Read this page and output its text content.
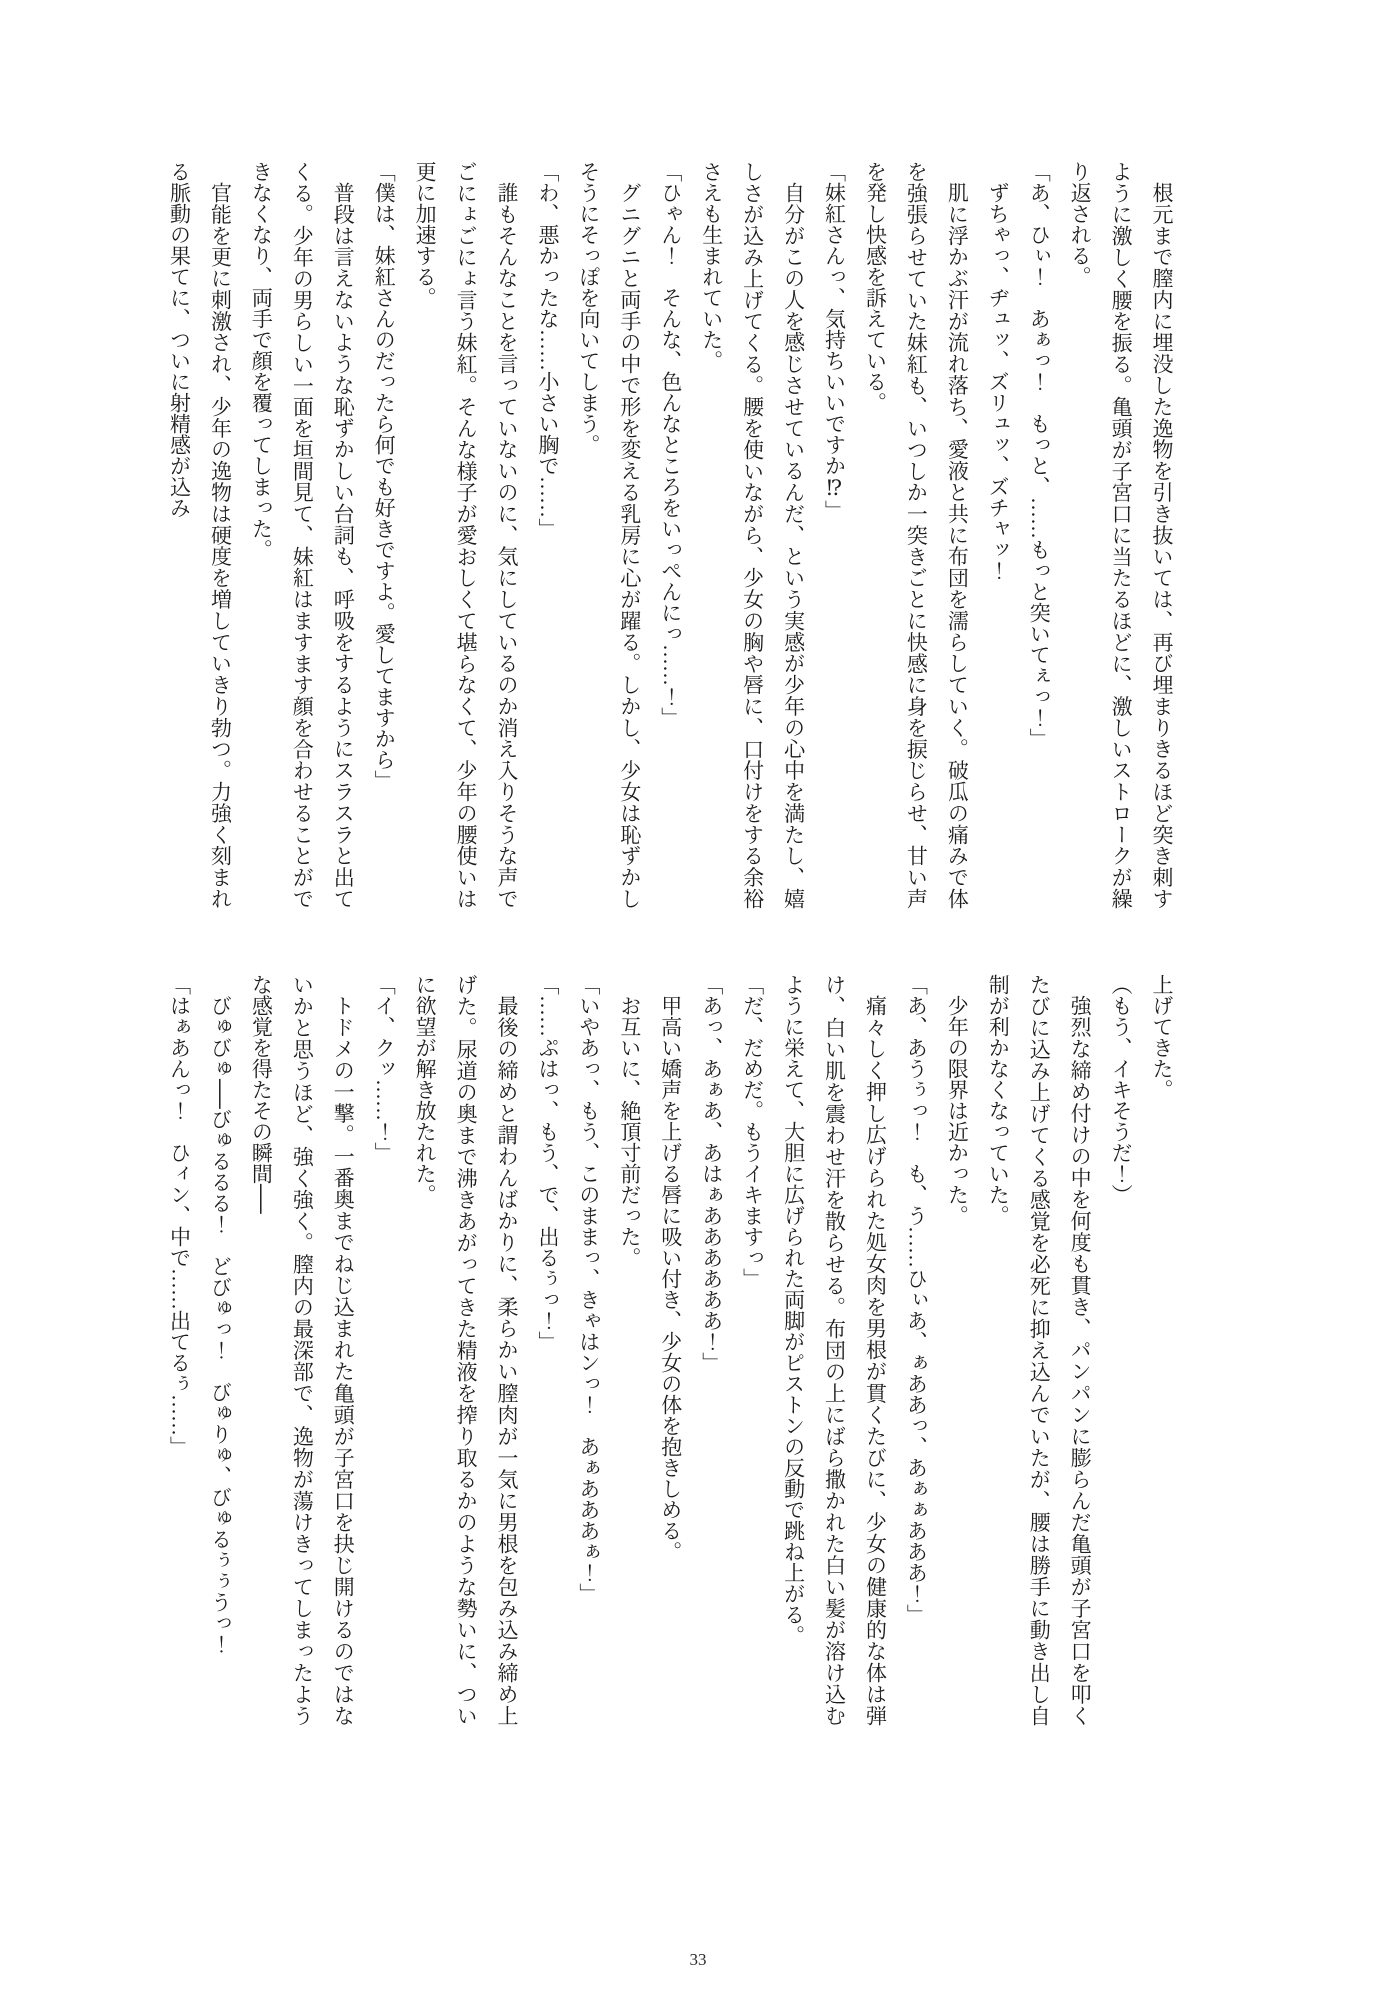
根元まで膣内に埋没した逸物を引き抜いては、再び埋まりきるほど突き刺すように激しく腰を振る。亀頭が子宮口に当たるほどに、激しいストロークが繰り返される。

「あ、ひぃ！　あぁっ！　もっと、……もっと突いてぇっ！」

ずちゃっ、ヂュッ、ズリュッ、ズチャッ！

肌に浮かぶ汗が流れ落ち、愛液と共に布団を濡らしていく。破瓜の痛みで体を強張らせていた妹紅も、いつしか一突きごとに快感に身を捩じらせ、甘い声を発し快感を訴えている。

「妹紅さんっ、気持ちいいですか⁉」

自分がこの人を感じさせているんだ、という実感が少年の心中を満たし、嬉しさが込み上げてくる。腰を使いながら、少女の胸や唇に、口付けをする余裕さえも生まれていた。

「ひゃん！　そんな、色んなところをいっぺんにっ……！」

グニグニと両手の中で形を変える乳房に心が躍る。しかし、少女は恥ずかしそうにそっぽを向いてしまう。

「わ、悪かったな……小さい胸で……」

誰もそんなことを言っていないのに、気にしているのか消え入りそうな声でごにょごにょ言う妹紅。そんな様子が愛おしくて堪らなくて、少年の腰使いは更に加速する。

「僕は、妹紅さんのだったら何でも好きですよ。愛してますから」

普段は言えないような恥ずかしい台詞も、呼吸をするようにスラスラと出てくる。少年の男らしい一面を垣間見て、妹紅はますます顔を合わせることができなくなり、両手で顔を覆ってしまった。

官能を更に刺激され、少年の逸物は硬度を増していきり勃つ。力強く刻まれる脈動の果てに、ついに射精感が込み

上げてきた。

（もう、イキそうだ！）

強烈な締め付けの中を何度も貫き、パンパンに膨らんだ亀頭が子宮口を叩くたびに込み上げてくる感覚を必死に抑え込んでいたが、腰は勝手に動き出し自制が利かなくなっていた。

少年の限界は近かった。

「あ、あうぅっ！　も、う……ひぃあ、ぁああっ、あぁぁあああ！」

痛々しく押し広げられた処女肉を男根が貫くたびに、少女の健康的な体は弾け、白い肌を震わせ汗を散らせる。布団の上にばら撒かれた白い髪が溶け込むように栄えて、大胆に広げられた両脚がピストンの反動で跳ね上がる。

「だ、だめだ。もうイキますっ」

「あっ、あぁあ、あはぁああああああ！」

甲高い嬌声を上げる唇に吸い付き、少女の体を抱きしめる。

お互いに、絶頂寸前だった。

「いやあっ、もう、このままっ、きゃはンっ！　あぁあああぁ！」

「……ぷはっ、もう、で、出るぅっ！」

最後の締めと謂わんばかりに、柔らかい膣肉が一気に男根を包み込み締め上げた。尿道の奥まで沸きあがってきた精液を搾り取るかのような勢いに、ついに欲望が解き放たれた。

「イ、クッ……！」

トドメの一撃。一番奥までねじ込まれた亀頭が子宮口を抉じ開けるのではないかと思うほど、強く強く。膣内の最深部で、逸物が蕩けきってしまったような感覚を得たその瞬間──

びゅびゅ──びゅるるる！　どびゅっ！　びゅりゅ、びゅるぅぅうっ！

「はぁあんっ！　ひィン、中で……出てるぅ……」

33
